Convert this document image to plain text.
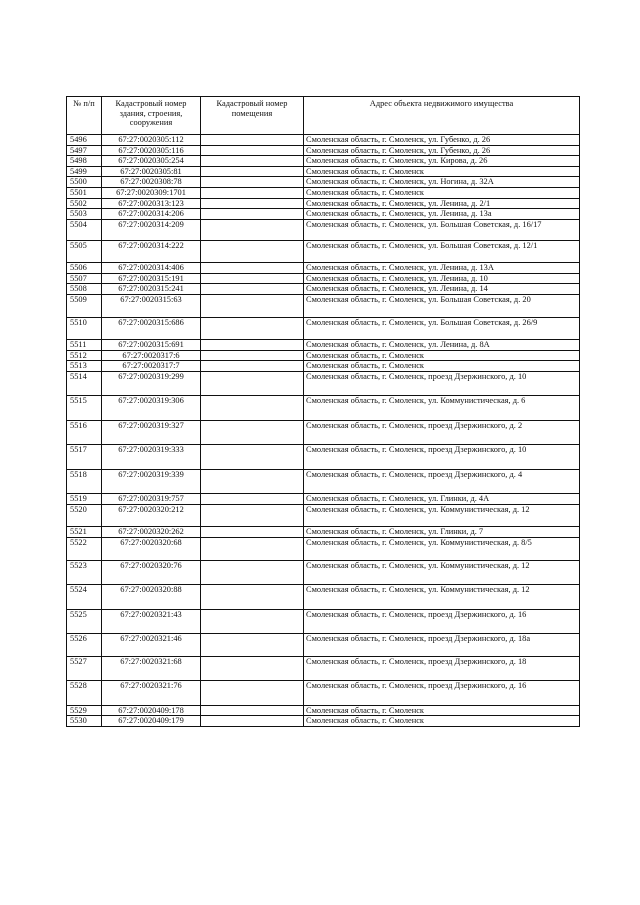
№ п/п	Кадастровый номер здания, строения, сооружения	Кадастровый номер помещения	Адрес объекта недвижимого имущества
5496	67:27:0020305:112		Смоленская область, г. Смоленск, ул. Губенко, д. 26
5497	67:27:0020305:116		Смоленская область, г. Смоленск, ул. Губенко, д. 26
5498	67:27:0020305:254		Смоленская область, г. Смоленск, ул. Кирова, д. 26
5499	67:27:0020305:81		Смоленская область, г. Смоленск
5500	67:27:0020308:78		Смоленская область, г. Смоленск, ул. Ногина, д. 32А
5501	67:27:0020309:1701		Смоленская область, г. Смоленск
5502	67:27:0020313:123		Смоленская область, г. Смоленск, ул. Ленина, д. 2/1
5503	67:27:0020314:206		Смоленская область, г. Смоленск, ул. Ленина, д. 13а
5504	67:27:0020314:209		Смоленская область, г. Смоленск, ул. Большая Советская, д. 16/17
5505	67:27:0020314:222		Смоленская область, г. Смоленск, ул. Большая Советская, д. 12/1
5506	67:27:0020314:406		Смоленская область, г. Смоленск, ул. Ленина, д. 13А
5507	67:27:0020315:191		Смоленская область, г. Смоленск, ул. Ленина, д. 10
5508	67:27:0020315:241		Смоленская область, г. Смоленск, ул. Ленина, д. 14
5509	67:27:0020315:63		Смоленская область, г. Смоленск, ул. Большая Советская, д. 20
5510	67:27:0020315:686		Смоленская область, г. Смоленск, ул. Большая Советская, д. 26/9
5511	67:27:0020315:691		Смоленская область, г. Смоленск, ул. Ленина, д. 8А
5512	67:27:0020317:6		Смоленская область, г. Смоленск
5513	67:27:0020317:7		Смоленская область, г. Смоленск
5514	67:27:0020319:299		Смоленская область, г. Смоленск, проезд Дзержинского, д. 10
5515	67:27:0020319:306		Смоленская область, г. Смоленск, ул. Коммунистическая, д. 6
5516	67:27:0020319:327		Смоленская область, г. Смоленск, проезд Дзержинского, д. 2
5517	67:27:0020319:333		Смоленская область, г. Смоленск, проезд Дзержинского, д. 10
5518	67:27:0020319:339		Смоленская область, г. Смоленск, проезд Дзержинского, д. 4
5519	67:27:0020319:757		Смоленская область, г. Смоленск, ул. Глинки, д. 4А
5520	67:27:0020320:212		Смоленская область, г. Смоленск, ул. Коммунистическая, д. 12
5521	67:27:0020320:262		Смоленская область, г. Смоленск, ул. Глинки, д. 7
5522	67:27:0020320:68		Смоленская область, г. Смоленск, ул. Коммунистическая, д. 8/5
5523	67:27:0020320:76		Смоленская область, г. Смоленск, ул. Коммунистическая, д. 12
5524	67:27:0020320:88		Смоленская область, г. Смоленск, ул. Коммунистическая, д. 12
5525	67:27:0020321:43		Смоленская область, г. Смоленск, проезд Дзержинского, д. 16
5526	67:27:0020321:46		Смоленская область, г. Смоленск, проезд Дзержинского, д. 18а
5527	67:27:0020321:68		Смоленская область, г. Смоленск, проезд Дзержинского, д. 18
5528	67:27:0020321:76		Смоленская область, г. Смоленск, проезд Дзержинского, д. 16
5529	67:27:0020409:178		Смоленская область, г. Смоленск
5530	67:27:0020409:179		Смоленская область, г. Смоленск
